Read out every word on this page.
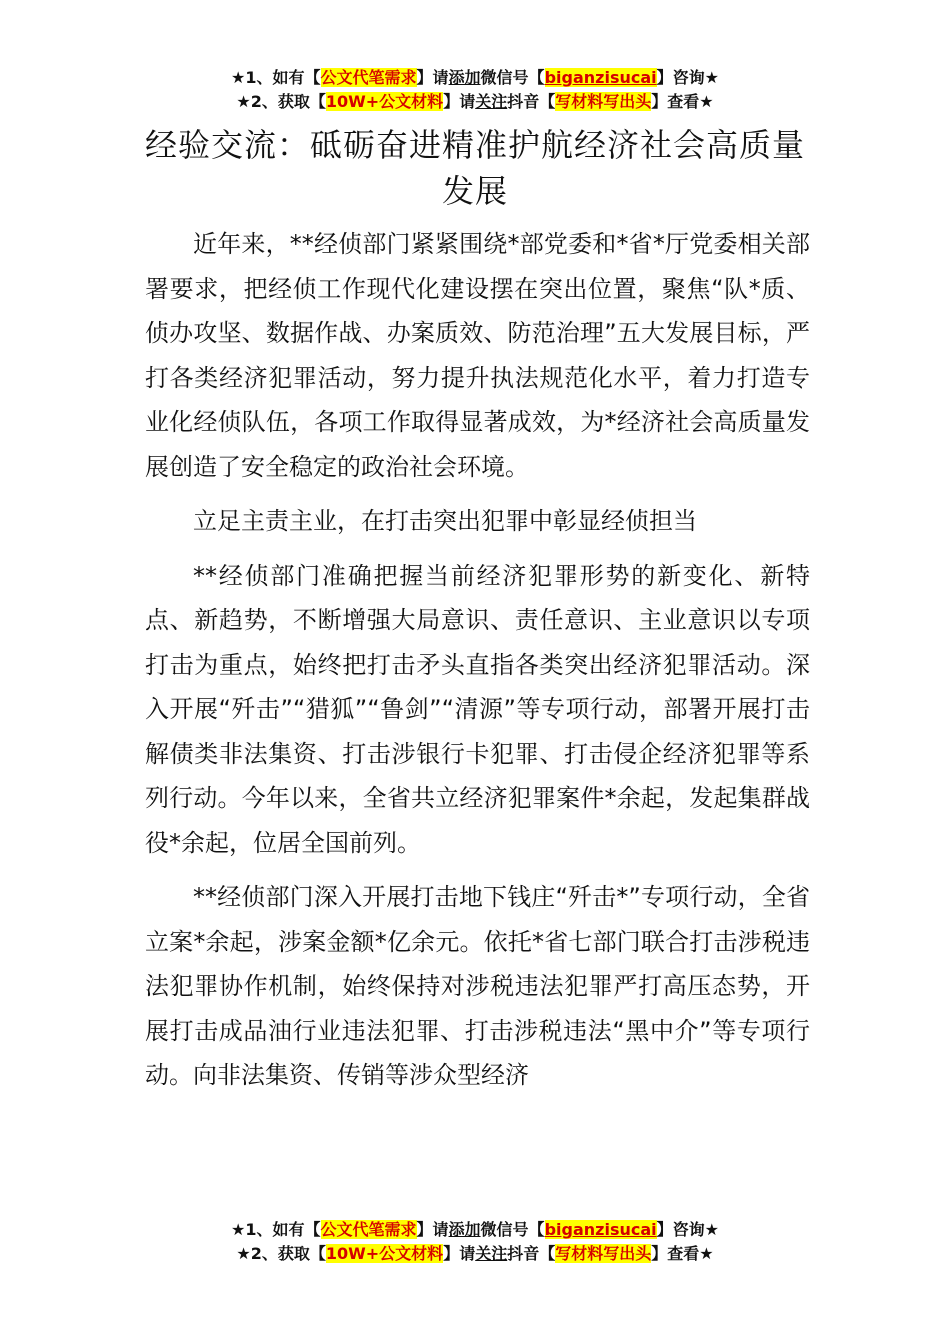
★1、如有【公文代笔需求】请添加微信号【biganzisucai】咨询★
★2、获取【10W+公文材料】请关注抖音【写材料写出头】查看★
经验交流：砥砺奋进精准护航经济社会高质量发展

近年来，**经侦部门紧紧围绕*部党委和*省*厅党委相关部署要求，把经侦工作现代化建设摆在突出位置，聚焦“队*质、侦办攻坚、数据作战、办案质效、防范治理”五大发展目标，严打各类经济犯罪活动，努力提升执法规范化水平，着力打造专业化经侦队伍，各项工作取得显著成效，为*经济社会高质量发展创造了安全稳定的政治社会环境。

立足主责主业，在打击突出犯罪中彰显经侦担当

**经侦部门准确把握当前经济犯罪形势的新变化、新特点、新趋势，不断增强大局意识、责任意识、主业意识以专项打击为重点，始终把打击矛头直指各类突出经济犯罪活动。深入开展“歼击”“猎狐”“鲁剑”“清源”等专项行动，部署开展打击解债类非法集资、打击涉银行卡犯罪、打击侵企经济犯罪等系列行动。今年以来，全省共立经济犯罪案件*余起，发起集群战役*余起，位居全国前列。

**经侦部门深入开展打击地下钱庄“歼击*”专项行动，全省立案*余起，涉案金额*亿余元。依托*省七部门联合打击涉税违法犯罪协作机制，始终保持对涉税违法犯罪严打高压态势，开展打击成品油行业违法犯罪、打击涉税违法“黑中介”等专项行动。向非法集资、传销等涉众型经济

★1、如有【公文代笔需求】请添加微信号【biganzisucai】咨询★
★2、获取【10W+公文材料】请关注抖音【写材料写出头】查看★
